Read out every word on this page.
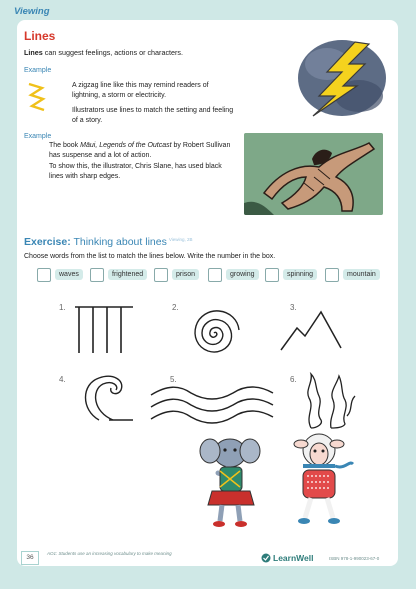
Viewing
Lines
Lines can suggest feelings, actions or characters.
Example
A zigzag line like this may remind readers of lightning, a storm or electricity.
Illustrators use lines to match the setting and feeling of a story.
Example
The book Māui, Legends of the Outcast by Robert Sullivan has suspense and a lot of action.
To show this, the illustrator, Chris Slane, has used black lines with sharp edges.
Exercise: Thinking about lines $^{Viewing, 2B}$
Choose words from the list to match the lines below. Write the number in the box.
waves	frightened	prison	growing	spinning	mountain
1.	2.	3.
4.	5.	6.
36
AO1: Students use an increasing vocabulary to make meaning	LearnWell	ISBN 978-1-990023-67-0
